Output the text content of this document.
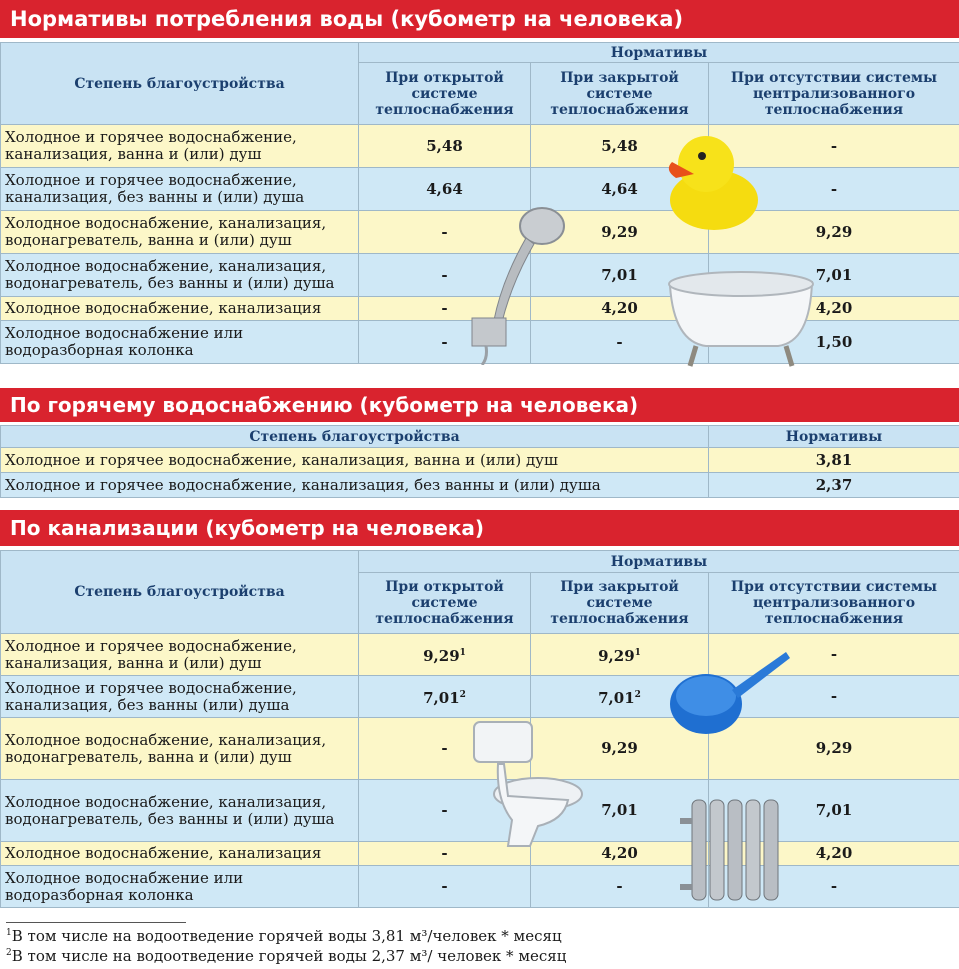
Нормативы потребления воды (кубометр на человека)
Степень благоустройства	Нормативы		
	При открытой системе теплоснабжения	При закрытой системе теплоснабжения	При отсутствии системы централизованного теплоснабжения
Холодное и горячее водоснабжение, канализация, ванна и (или) душ	5,48	5,48	-
Холодное и горячее водоснабжение, канализация, без ванны и (или) душа	4,64	4,64	-
Холодное водоснабжение, канализация, водонагреватель, ванна и (или) душ	-	9,29	9,29
Холодное водоснабжение, канализация, водонагреватель, без ванны и (или) душа	-	7,01	7,01
Холодное водоснабжение, канализация	-	4,20	4,20
Холодное водоснабжение или водоразборная колонка	-	-	1,50
По горячему водоснабжению (кубометр на человека)
Степень благоустройства	Нормативы
Холодное и горячее водоснабжение, канализация, ванна и (или) душ	3,81
Холодное и горячее водоснабжение, канализация, без ванны и (или) душа	2,37
По канализации (кубометр на человека)
Степень благоустройства	Нормативы		
	При открытой системе теплоснабжения	При закрытой системе теплоснабжения	При отсутствии системы централизованного теплоснабжения
Холодное и горячее водоснабжение, канализация, ванна и (или) душ	9,29$^1$	9,29$^1$	-
Холодное и горячее водоснабжение, канализация, без ванны (или) душа	7,01$^2$	7,01$^2$	-
Холодное водоснабжение, канализация, водонагреватель, ванна и (или) душ	-	9,29	9,29
Холодное водоснабжение, канализация, водонагреватель, без ванны и (или) душа	-	7,01	7,01
Холодное водоснабжение, канализация	-	4,20	4,20
Холодное водоснабжение или водоразборная колонка	-	-	-
$^1$В том числе на водоотведение горячей воды 3,81 м³/человек * месяц
$^2$В том числе на водоотведение горячей воды 2,37 м³/ человек * месяц
